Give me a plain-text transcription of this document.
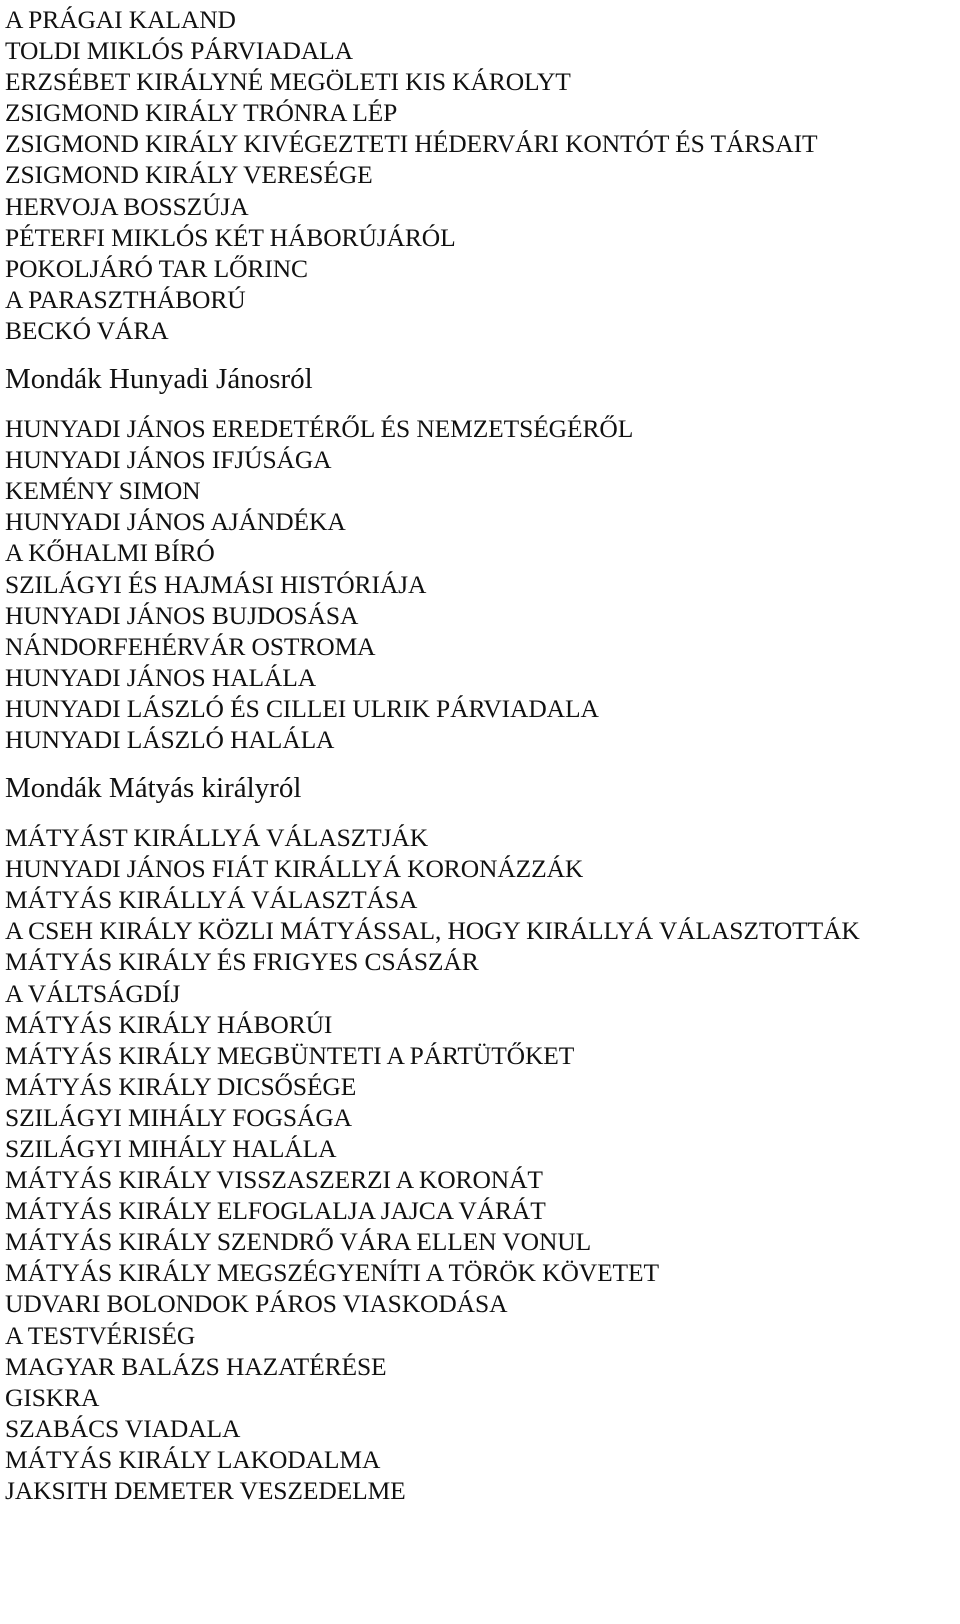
A PRÁGAI KALAND
TOLDI MIKLÓS PÁRVIADALA
ERZSÉBET KIRÁLYNÉ MEGÖLETI KIS KÁROLYT
ZSIGMOND KIRÁLY TRÓNRA LÉP
ZSIGMOND KIRÁLY KIVÉGEZTETI HÉDERVÁRI KONTÓT ÉS TÁRSAIT
ZSIGMOND KIRÁLY VERESÉGE
HERVOJA BOSSZÚJA
PÉTERFI MIKLÓS KÉT HÁBORÚJÁRÓL
POKOLJÁRÓ TAR LŐRINC
A PARASZTHÁBORÚ
BECKÓ VÁRA
Mondák Hunyadi Jánosról
HUNYADI JÁNOS EREDETÉRŐL ÉS NEMZETSÉGÉRŐL
HUNYADI JÁNOS IFJÚSÁGA
KEMÉNY SIMON
HUNYADI JÁNOS AJÁNDÉKA
A KŐHALMI BÍRÓ
SZILÁGYI ÉS HAJMÁSI HISTÓRIÁJA
HUNYADI JÁNOS BUJDOSÁSA
NÁNDORFEHÉRVÁR OSTROMA
HUNYADI JÁNOS HALÁLA
HUNYADI LÁSZLÓ ÉS CILLEI ULRIK PÁRVIADALA
HUNYADI LÁSZLÓ HALÁLA
Mondák Mátyás királyról
MÁTYÁST KIRÁLLYÁ VÁLASZTJÁK
HUNYADI JÁNOS FIÁT KIRÁLLYÁ KORONÁZZÁK
MÁTYÁS KIRÁLLYÁ VÁLASZTÁSA
A CSEH KIRÁLY KÖZLI MÁTYÁSSAL, HOGY KIRÁLLYÁ VÁLASZTOTTÁK
MÁTYÁS KIRÁLY ÉS FRIGYES CSÁSZÁR
A VÁLTSÁGDÍJ
MÁTYÁS KIRÁLY HÁBORÚI
MÁTYÁS KIRÁLY MEGBÜNTETI A PÁRTÜTŐKET
MÁTYÁS KIRÁLY DICSŐSÉGE
SZILÁGYI MIHÁLY FOGSÁGA
SZILÁGYI MIHÁLY HALÁLA
MÁTYÁS KIRÁLY VISSZASZERZI A KORONÁT
MÁTYÁS KIRÁLY ELFOGLALJA JAJCA VÁRÁT
MÁTYÁS KIRÁLY SZENDRŐ VÁRA ELLEN VONUL
MÁTYÁS KIRÁLY MEGSZÉGYENÍTI A TÖRÖK KÖVETET
UDVARI BOLONDOK PÁROS VIASKODÁSA
A TESTVÉRISÉG
MAGYAR BALÁZS HAZATÉRÉSE
GISKRA
SZABÁCS VIADALA
MÁTYÁS KIRÁLY LAKODALMA
JAKSITH DEMETER VESZEDELME
